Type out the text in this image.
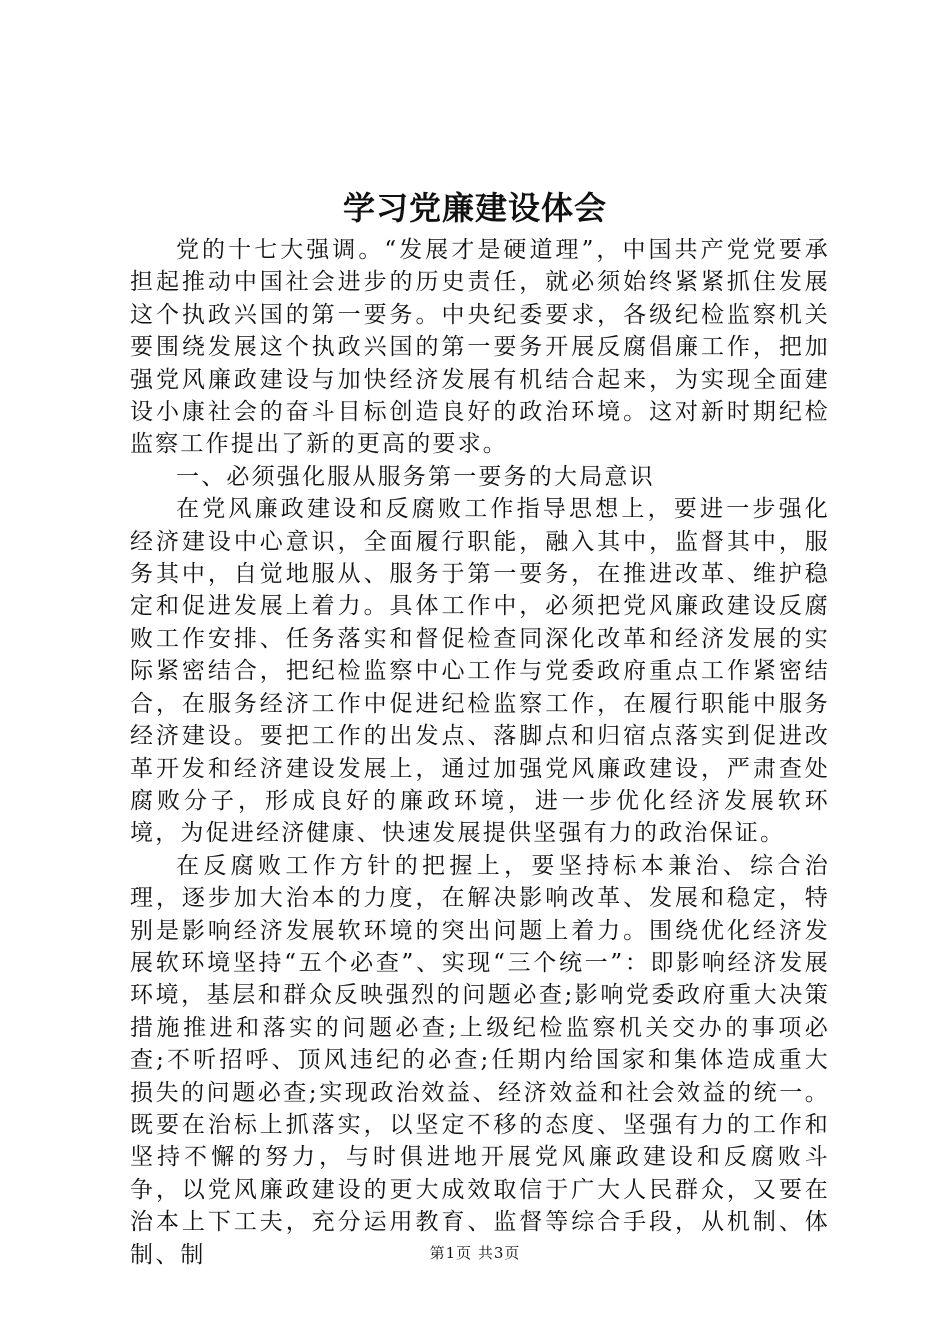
学习党廉建设体会

党的十七大强调。“发展才是硬道理”，中国共产党党要承担起推动中国社会进步的历史责任，就必须始终紧紧抓住发展这个执政兴国的第一要务。中央纪委要求，各级纪检监察机关要围绕发展这个执政兴国的第一要务开展反腐倡廉工作，把加强党风廉政建设与加快经济发展有机结合起来，为实现全面建设小康社会的奋斗目标创造良好的政治环境。这对新时期纪检监察工作提出了新的更高的要求。

一、必须强化服从服务第一要务的大局意识

在党风廉政建设和反腐败工作指导思想上，要进一步强化经济建设中心意识，全面履行职能，融入其中，监督其中，服务其中，自觉地服从、服务于第一要务，在推进改革、维护稳定和促进发展上着力。具体工作中，必须把党风廉政建设反腐败工作安排、任务落实和督促检查同深化改革和经济发展的实际紧密结合，把纪检监察中心工作与党委政府重点工作紧密结合，在服务经济工作中促进纪检监察工作，在履行职能中服务经济建设。要把工作的出发点、落脚点和归宿点落实到促进改革开发和经济建设发展上，通过加强党风廉政建设，严肃查处腐败分子，形成良好的廉政环境，进一步优化经济发展软环境，为促进经济健康、快速发展提供坚强有力的政治保证。

在反腐败工作方针的把握上，要坚持标本兼治、综合治理，逐步加大治本的力度，在解决影响改革、发展和稳定，特别是影响经济发展软环境的突出问题上着力。围绕优化经济发展软环境坚持“五个必查”、实现“三个统一”：即影响经济发展环境，基层和群众反映强烈的问题必查;影响党委政府重大决策措施推进和落实的问题必查;上级纪检监察机关交办的事项必查;不听招呼、顶风违纪的必查;任期内给国家和集体造成重大损失的问题必查;实现政治效益、经济效益和社会效益的统一。既要在治标上抓落实，以坚定不移的态度、坚强有力的工作和坚持不懈的努力，与时俱进地开展党风廉政建设和反腐败斗争，以党风廉政建设的更大成效取信于广大人民群众，又要在治本上下工夫，充分运用教育、监督等综合手段，从机制、体制、制	第1页 共3页
